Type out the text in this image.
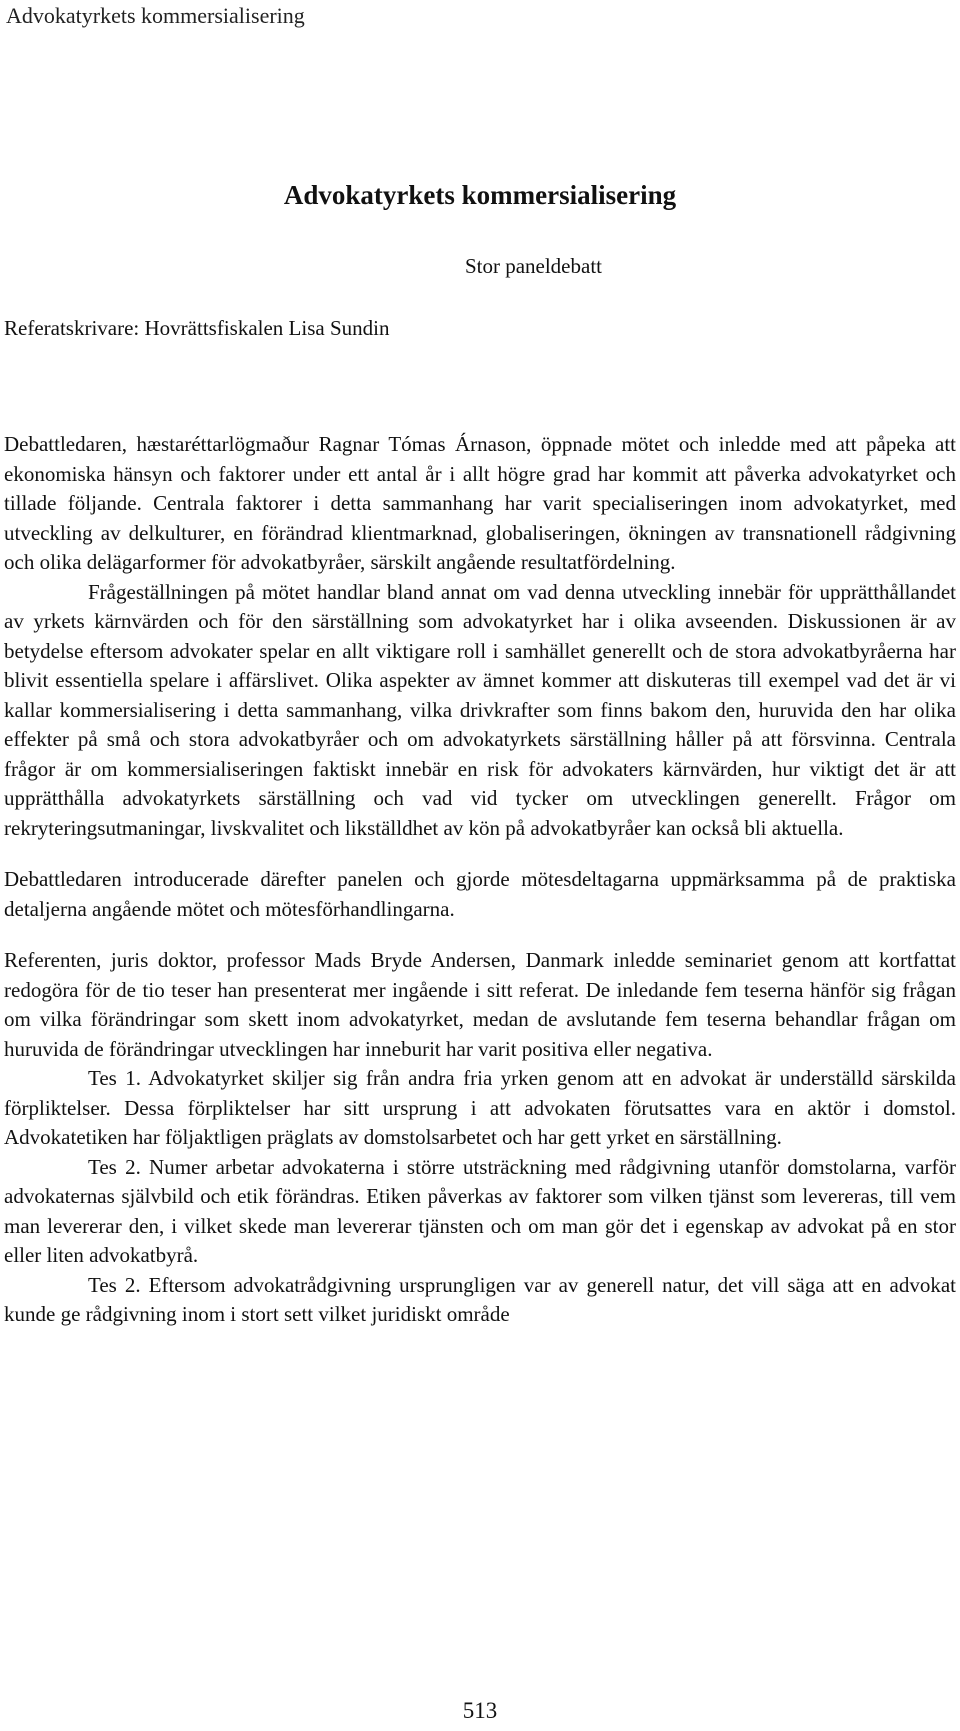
Advokatyrkets kommersialisering
Advokatyrkets kommersialisering
Stor paneldebatt
Referatskrivare: Hovrättsfiskalen Lisa Sundin

Debattledaren, hæstaréttarlögmaður Ragnar Tómas Árnason, öppnade mötet och inledde med att påpeka att ekonomiska hänsyn och faktorer under ett antal år i allt högre grad har kommit att påverka advokatyrket och tillade följande. Centrala faktorer i detta sammanhang har varit specialiseringen inom advokatyrket, med utveckling av delkulturer, en förändrad klientmarknad, globaliseringen, ökningen av transnationell rådgivning och olika delägarformer för advokatbyråer, särskilt angående resultatfördelning.

Frågeställningen på mötet handlar bland annat om vad denna utveckling innebär för upprätthållandet av yrkets kärnvärden och för den särställning som advokatyrket har i olika avseenden. Diskussionen är av betydelse eftersom advokater spelar en allt viktigare roll i samhället generellt och de stora advokatbyråerna har blivit essentiella spelare i affärslivet. Olika aspekter av ämnet kommer att diskuteras till exempel vad det är vi kallar kommersialisering i detta sammanhang, vilka drivkrafter som finns bakom den, huruvida den har olika effekter på små och stora advokatbyråer och om advokatyrkets särställning håller på att försvinna. Centrala frågor är om kommersialiseringen faktiskt innebär en risk för advokaters kärnvärden, hur viktigt det är att upprätthålla advokatyrkets särställning och vad vid tycker om utvecklingen generellt. Frågor om rekryteringsutmaningar, livskvalitet och likställdhet av kön på advokatbyråer kan också bli aktuella.

Debattledaren introducerade därefter panelen och gjorde mötesdeltagarna uppmärksamma på de praktiska detaljerna angående mötet och mötesförhandlingarna.

Referenten, juris doktor, professor Mads Bryde Andersen, Danmark inledde seminariet genom att kortfattat redogöra för de tio teser han presenterat mer ingående i sitt referat. De inledande fem teserna hänför sig frågan om vilka förändringar som skett inom advokatyrket, medan de avslutande fem teserna behandlar frågan om huruvida de förändringar utvecklingen har inneburit har varit positiva eller negativa.

Tes 1. Advokatyrket skiljer sig från andra fria yrken genom att en advokat är underställd särskilda förpliktelser. Dessa förpliktelser har sitt ursprung i att advokaten förutsattes vara en aktör i domstol. Advokatetiken har följaktligen präglats av domstolsarbetet och har gett yrket en särställning.

Tes 2. Numer arbetar advokaterna i större utsträckning med rådgivning utanför domstolarna, varför advokaternas självbild och etik förändras. Etiken påverkas av faktorer som vilken tjänst som levereras, till vem man levererar den, i vilket skede man levererar tjänsten och om man gör det i egenskap av advokat på en stor eller liten advokatbyrå.

Tes 2. Eftersom advokatrådgivning ursprungligen var av generell natur, det vill säga att en advokat kunde ge rådgivning inom i stort sett vilket juridiskt område

513
